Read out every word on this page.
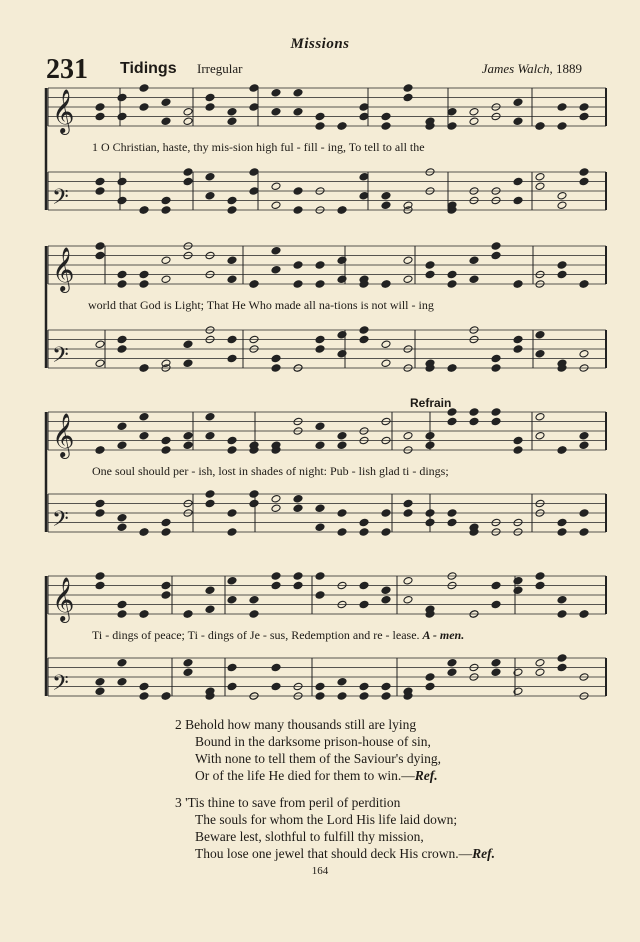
Missions
231 Tidings Irregular	James Walch, 1889
𝄞
𝄢
𝄞
𝄢
𝄞
𝄢
𝄞
𝄢
1 O Christian, haste, thy mis-sion high ful - fill - ing, To tell to all the
world that God is Light; That He Who made all na-tions is not will - ing
Refrain
One soul should per - ish, lost in shades of night: Pub - lish glad ti - dings;
Ti - dings of peace; Ti - dings of Je - sus, Redemption and re - lease. A - men.
2 Behold how many thousands still are lying
Bound in the darksome prison-house of sin,
With none to tell them of the Saviour's dying,
Or of the life He died for them to win.—Ref.
3 'Tis thine to save from peril of perdition
The souls for whom the Lord His life laid down;
Beware lest, slothful to fulfill thy mission,
Thou lose one jewel that should deck His crown.—Ref.
164
